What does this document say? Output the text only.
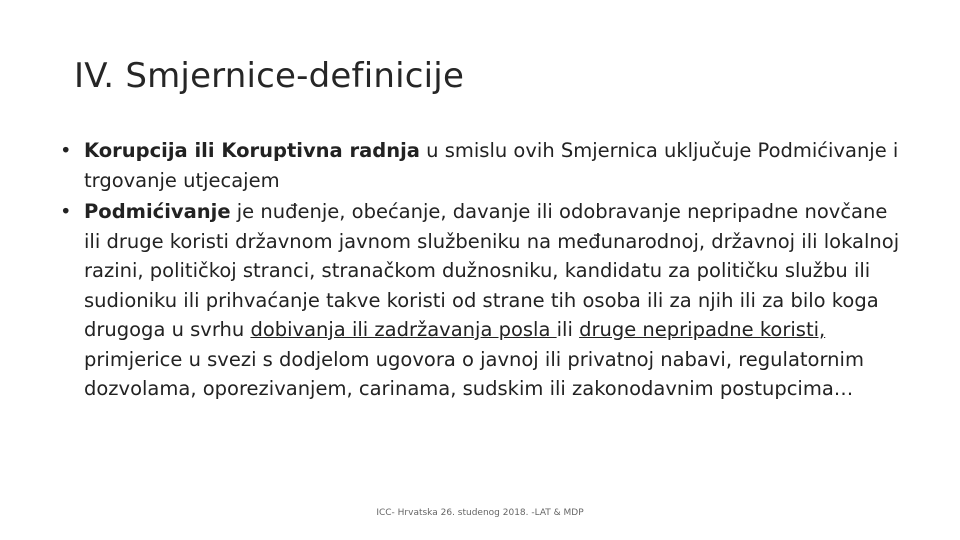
IV. Smjernice-definicije
• Korupcija ili Koruptivna radnja u smislu ovih Smjernica uključuje Podmićivanje i trgovanje utjecajem
• Podmićivanje je nuđenje, obećanje, davanje ili odobravanje nepripadne novčane ili druge koristi državnom javnom službeniku na međunarodnoj, državnoj ili lokalnoj razini, političkoj stranci, stranačkom dužnosniku, kandidatu za političku službu ili sudioniku ili prihvaćanje takve koristi od strane tih osoba ili za njih ili za bilo koga drugoga u svrhu dobivanja ili zadržavanja posla ili druge nepripadne koristi, primjerice u svezi s dodjelom ugovora o javnoj ili privatnoj nabavi, regulatornim dozvolama, oporezivanjem, carinama, sudskim ili zakonodavnim postupcima…
ICC- Hrvatska 26. studenog 2018. -LAT & MDP
